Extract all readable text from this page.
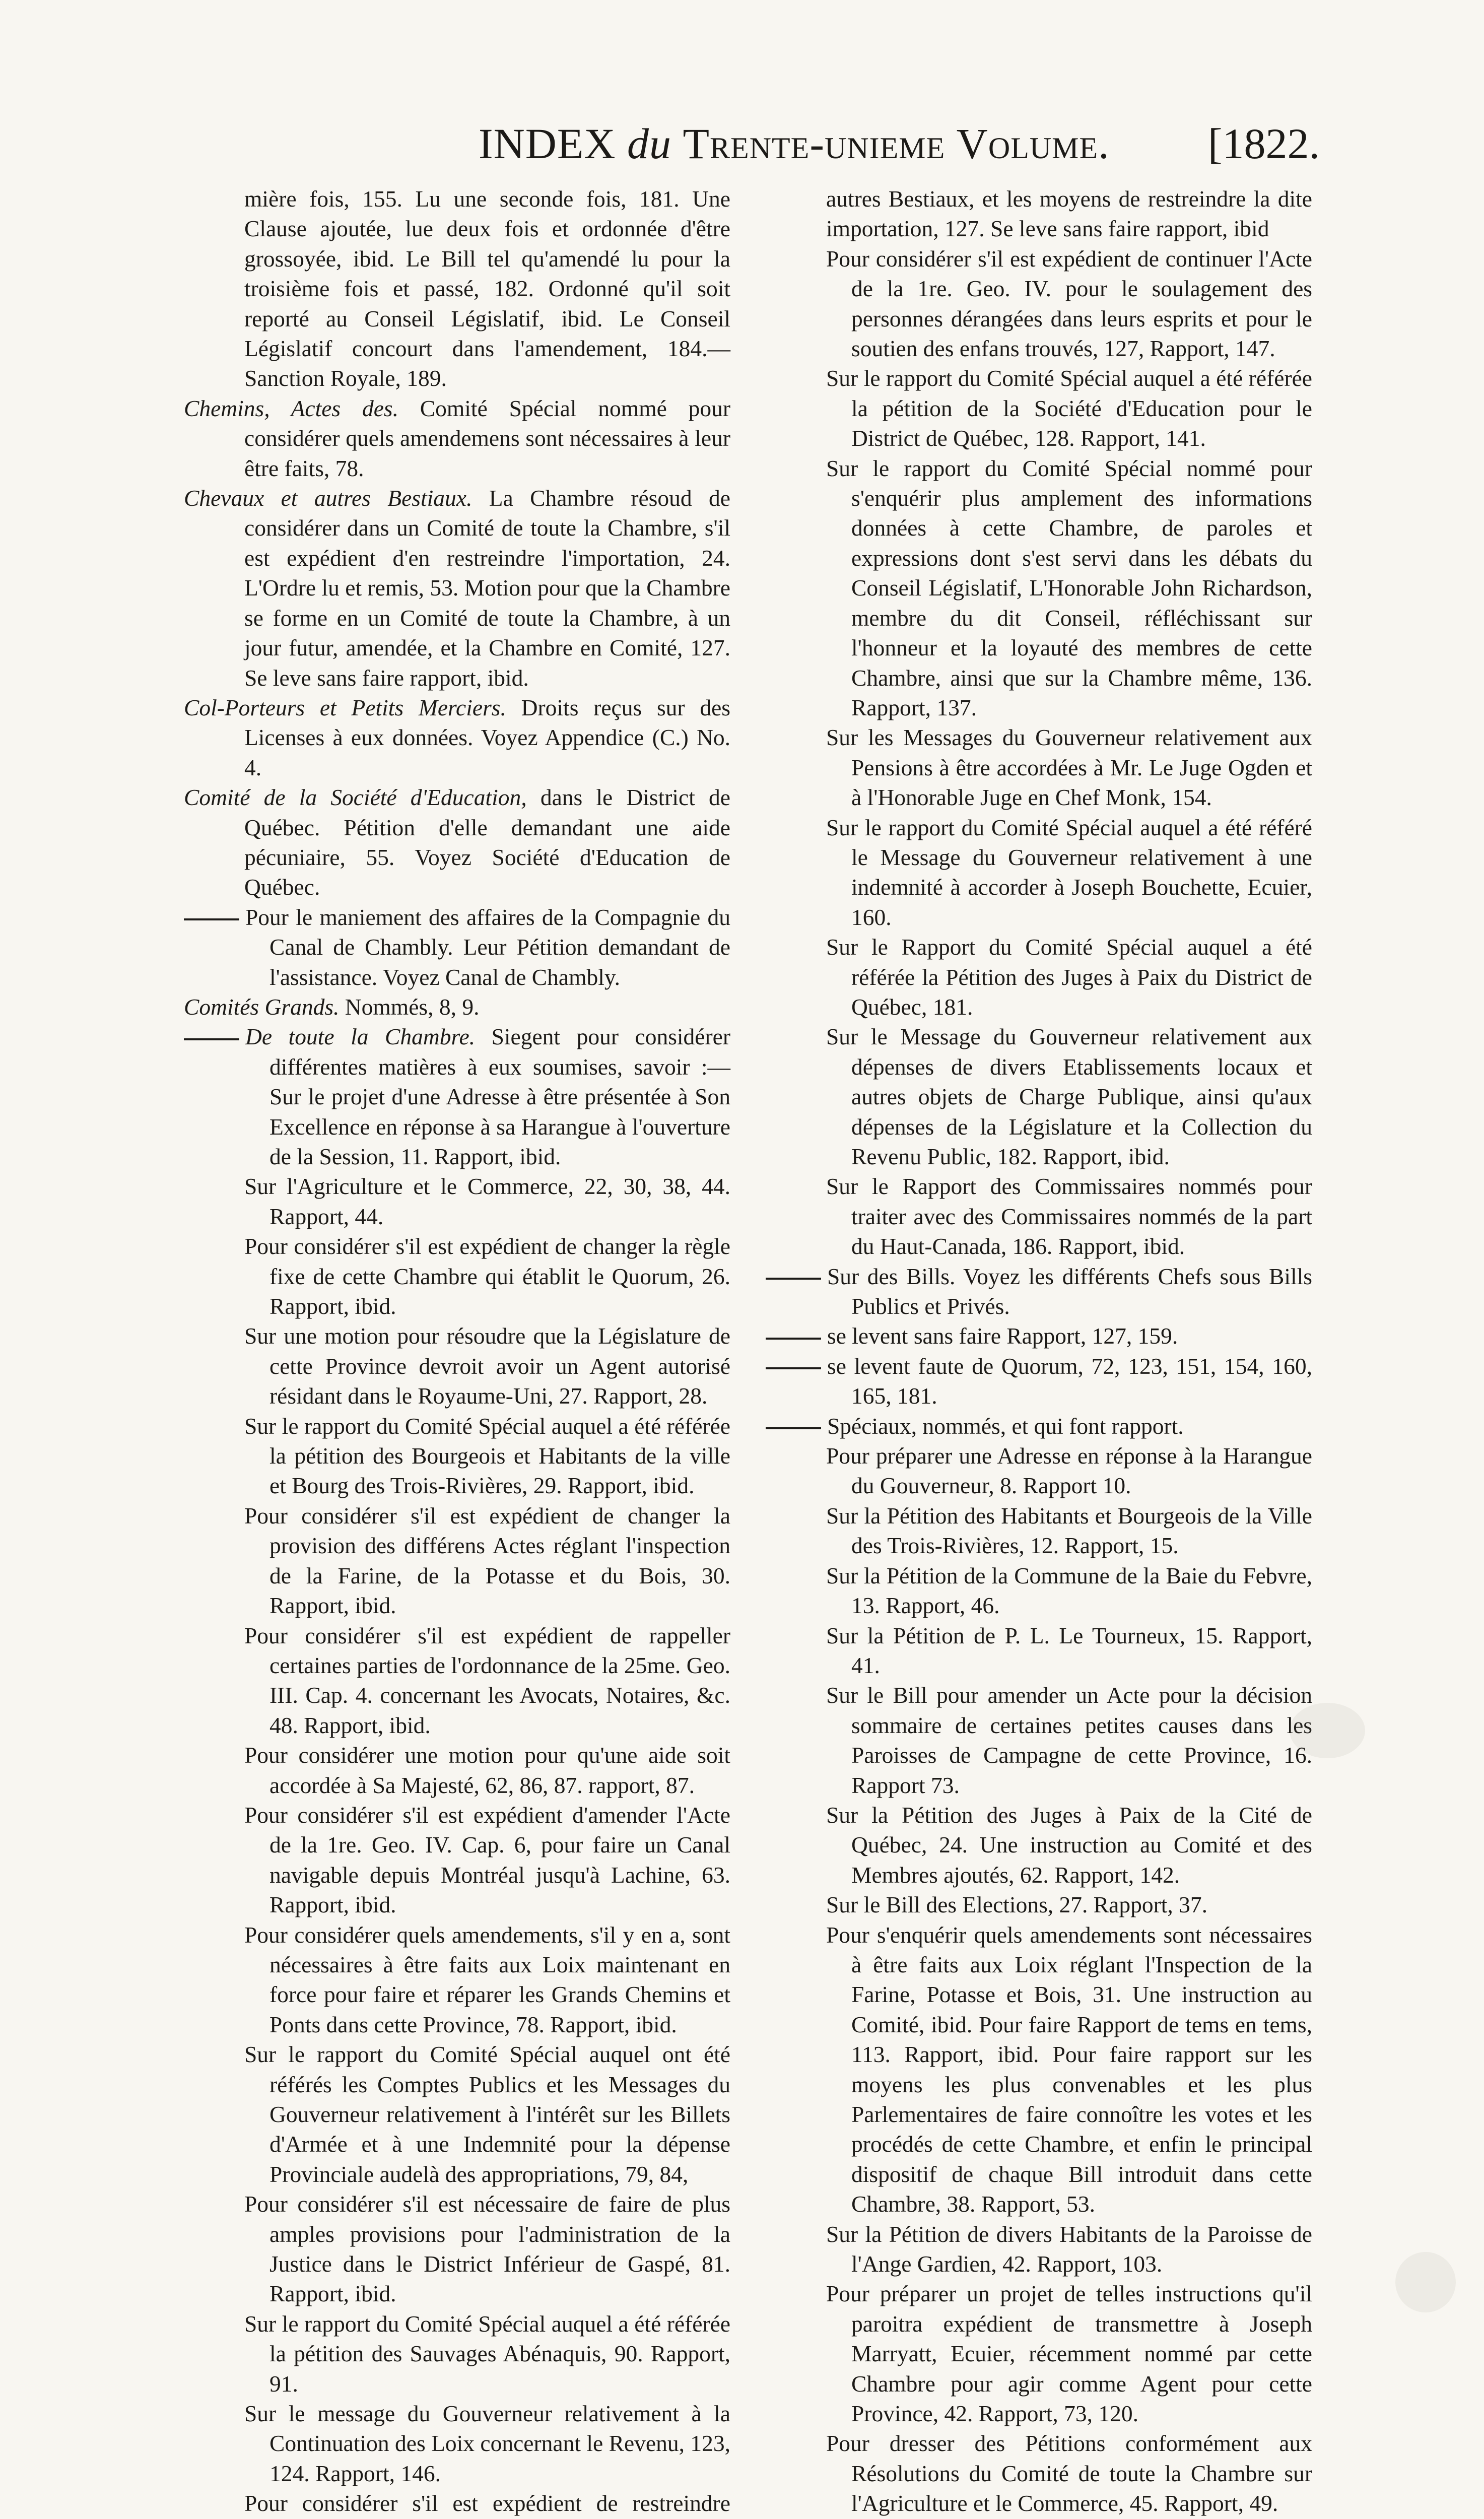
INDEX du Trente-unieme Volume. [1822.

mière fois, 155. Lu une seconde fois, 181. Une Clause ajoutée, lue deux fois et ordonnée d'être grossoyée, ibid. Le Bill tel qu'amendé lu pour la troisième fois et passé, 182. Ordonné qu'il soit reporté au Conseil Législatif, ibid. Le Conseil Législatif concourt dans l'amendement, 184.—Sanction Royale, 189.

Chemins, Actes des. Comité Spécial nommé pour considérer quels amendemens sont nécessaires à leur être faits, 78.

Chevaux et autres Bestiaux. La Chambre résoud de considérer dans un Comité de toute la Chambre, s'il est expédient d'en restreindre l'importation, 24. L'Ordre lu et remis, 53. Motion pour que la Chambre se forme en un Comité de toute la Chambre, à un jour futur, amendée, et la Chambre en Comité, 127. Se leve sans faire rapport, ibid.

Col-Porteurs et Petits Merciers. Droits reçus sur des Licenses à eux données. Voyez Appendice (C.) No. 4.

Comité de la Société d'Education, dans le District de Québec. Pétition d'elle demandant une aide pécuniaire, 55. Voyez Société d'Education de Québec.

Pour le maniement des affaires de la Compagnie du Canal de Chambly. Leur Pétition demandant de l'assistance. Voyez Canal de Chambly.

Comités Grands. Nommés, 8, 9.

De toute la Chambre. Siegent pour considérer différentes matières à eux soumises, savoir :— Sur le projet d'une Adresse à être présentée à Son Excellence en réponse à sa Harangue à l'ouverture de la Session, 11. Rapport, ibid.

Sur l'Agriculture et le Commerce, 22, 30, 38, 44. Rapport, 44.

Pour considérer s'il est expédient de changer la règle fixe de cette Chambre qui établit le Quorum, 26. Rapport, ibid.

Sur une motion pour résoudre que la Législature de cette Province devroit avoir un Agent autorisé résidant dans le Royaume-Uni, 27. Rapport, 28.

Sur le rapport du Comité Spécial auquel a été référée la pétition des Bourgeois et Habitants de la ville et Bourg des Trois-Rivières, 29. Rapport, ibid.

Pour considérer s'il est expédient de changer la provision des différens Actes réglant l'inspection de la Farine, de la Potasse et du Bois, 30. Rapport, ibid.

Pour considérer s'il est expédient de rappeller certaines parties de l'ordonnance de la 25me. Geo. III. Cap. 4. concernant les Avocats, Notaires, &c. 48. Rapport, ibid.

Pour considérer une motion pour qu'une aide soit accordée à Sa Majesté, 62, 86, 87. rapport, 87.

Pour considérer s'il est expédient d'amender l'Acte de la 1re. Geo. IV. Cap. 6, pour faire un Canal navigable depuis Montréal jusqu'à Lachine, 63. Rapport, ibid.

Pour considérer quels amendements, s'il y en a, sont nécessaires à être faits aux Loix maintenant en force pour faire et réparer les Grands Chemins et Ponts dans cette Province, 78. Rapport, ibid.

Sur le rapport du Comité Spécial auquel ont été référés les Comptes Publics et les Messages du Gouverneur relativement à l'intérêt sur les Billets d'Armée et à une Indemnité pour la dépense Provinciale audelà des appropriations, 79, 84,

Pour considérer s'il est nécessaire de faire de plus amples provisions pour l'administration de la Justice dans le District Inférieur de Gaspé, 81. Rapport, ibid.

Sur le rapport du Comité Spécial auquel a été référée la pétition des Sauvages Abénaquis, 90. Rapport, 91.

Sur le message du Gouverneur relativement à la Continuation des Loix concernant le Revenu, 123, 124. Rapport, 146.

Pour considérer s'il est expédient de restreindre

autres Bestiaux, et les moyens de restreindre la dite importation, 127. Se leve sans faire rapport, ibid

Pour considérer s'il est expédient de continuer l'Acte de la 1re. Geo. IV. pour le soulagement des personnes dérangées dans leurs esprits et pour le soutien des enfans trouvés, 127, Rapport, 147.

Sur le rapport du Comité Spécial auquel a été référée la pétition de la Société d'Education pour le District de Québec, 128. Rapport, 141.

Sur le rapport du Comité Spécial nommé pour s'enquérir plus amplement des informations données à cette Chambre, de paroles et expressions dont s'est servi dans les débats du Conseil Législatif, L'Honorable John Richardson, membre du dit Conseil, réfléchissant sur l'honneur et la loyauté des membres de cette Chambre, ainsi que sur la Chambre même, 136. Rapport, 137.

Sur les Messages du Gouverneur relativement aux Pensions à être accordées à Mr. Le Juge Ogden et à l'Honorable Juge en Chef Monk, 154.

Sur le rapport du Comité Spécial auquel a été référé le Message du Gouverneur relativement à une indemnité à accorder à Joseph Bouchette, Ecuier, 160.

Sur le Rapport du Comité Spécial auquel a été référée la Pétition des Juges à Paix du District de Québec, 181.

Sur le Message du Gouverneur relativement aux dépenses de divers Etablissements locaux et autres objets de Charge Publique, ainsi qu'aux dépenses de la Législature et la Collection du Revenu Public, 182. Rapport, ibid.

Sur le Rapport des Commissaires nommés pour traiter avec des Commissaires nommés de la part du Haut-Canada, 186. Rapport, ibid.

Sur des Bills. Voyez les différents Chefs sous Bills Publics et Privés.

se levent sans faire Rapport, 127, 159.

se levent faute de Quorum, 72, 123, 151, 154, 160, 165, 181.

Spéciaux, nommés, et qui font rapport.

Pour préparer une Adresse en réponse à la Harangue du Gouverneur, 8. Rapport 10.

Sur la Pétition des Habitants et Bourgeois de la Ville des Trois-Rivières, 12. Rapport, 15.

Sur la Pétition de la Commune de la Baie du Febvre, 13. Rapport, 46.

Sur la Pétition de P. L. Le Tourneux, 15. Rapport, 41.

Sur le Bill pour amender un Acte pour la décision sommaire de certaines petites causes dans les Paroisses de Campagne de cette Province, 16. Rapport 73.

Sur la Pétition des Juges à Paix de la Cité de Québec, 24. Une instruction au Comité et des Membres ajoutés, 62. Rapport, 142.

Sur le Bill des Elections, 27. Rapport, 37.

Pour s'enquérir quels amendements sont nécessaires à être faits aux Loix réglant l'Inspection de la Farine, Potasse et Bois, 31. Une instruction au Comité, ibid. Pour faire Rapport de tems en tems, 113. Rapport, ibid. Pour faire rapport sur les moyens les plus convenables et les plus Parlementaires de faire connoître les votes et les procédés de cette Chambre, et enfin le principal dispositif de chaque Bill introduit dans cette Chambre, 38. Rapport, 53.

Sur la Pétition de divers Habitants de la Paroisse de l'Ange Gardien, 42. Rapport, 103.

Pour préparer un projet de telles instructions qu'il paroitra expédient de transmettre à Joseph Marryatt, Ecuier, récemment nommé par cette Chambre pour agir comme Agent pour cette Province, 42. Rapport, 73, 120.

Pour dresser des Pétitions conformément aux Résolutions du Comité de toute la Chambre sur l'Agriculture et le Commerce, 45. Rapport, 49.
